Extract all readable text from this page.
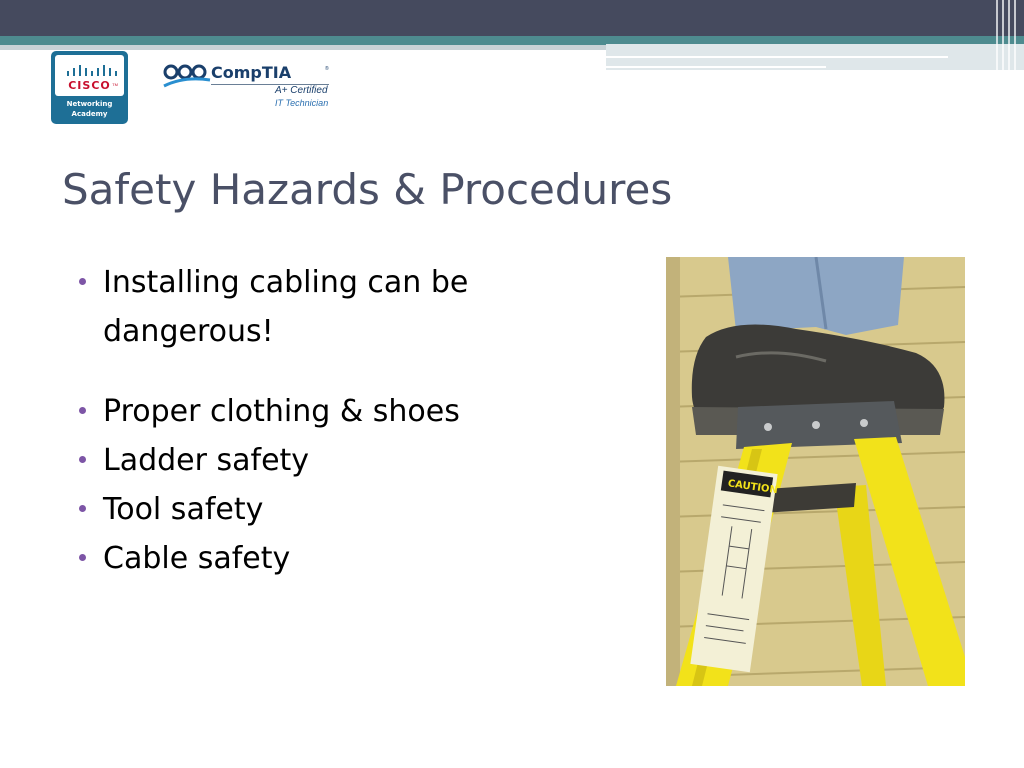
CISCO TM
Networking
Academy
CompTIA	®
A+ Certified
IT Technician
Safety Hazards & Procedures
Installing cabling can be dangerous!
Proper clothing & shoes
Ladder safety
Tool safety
Cable safety
CAUTION
